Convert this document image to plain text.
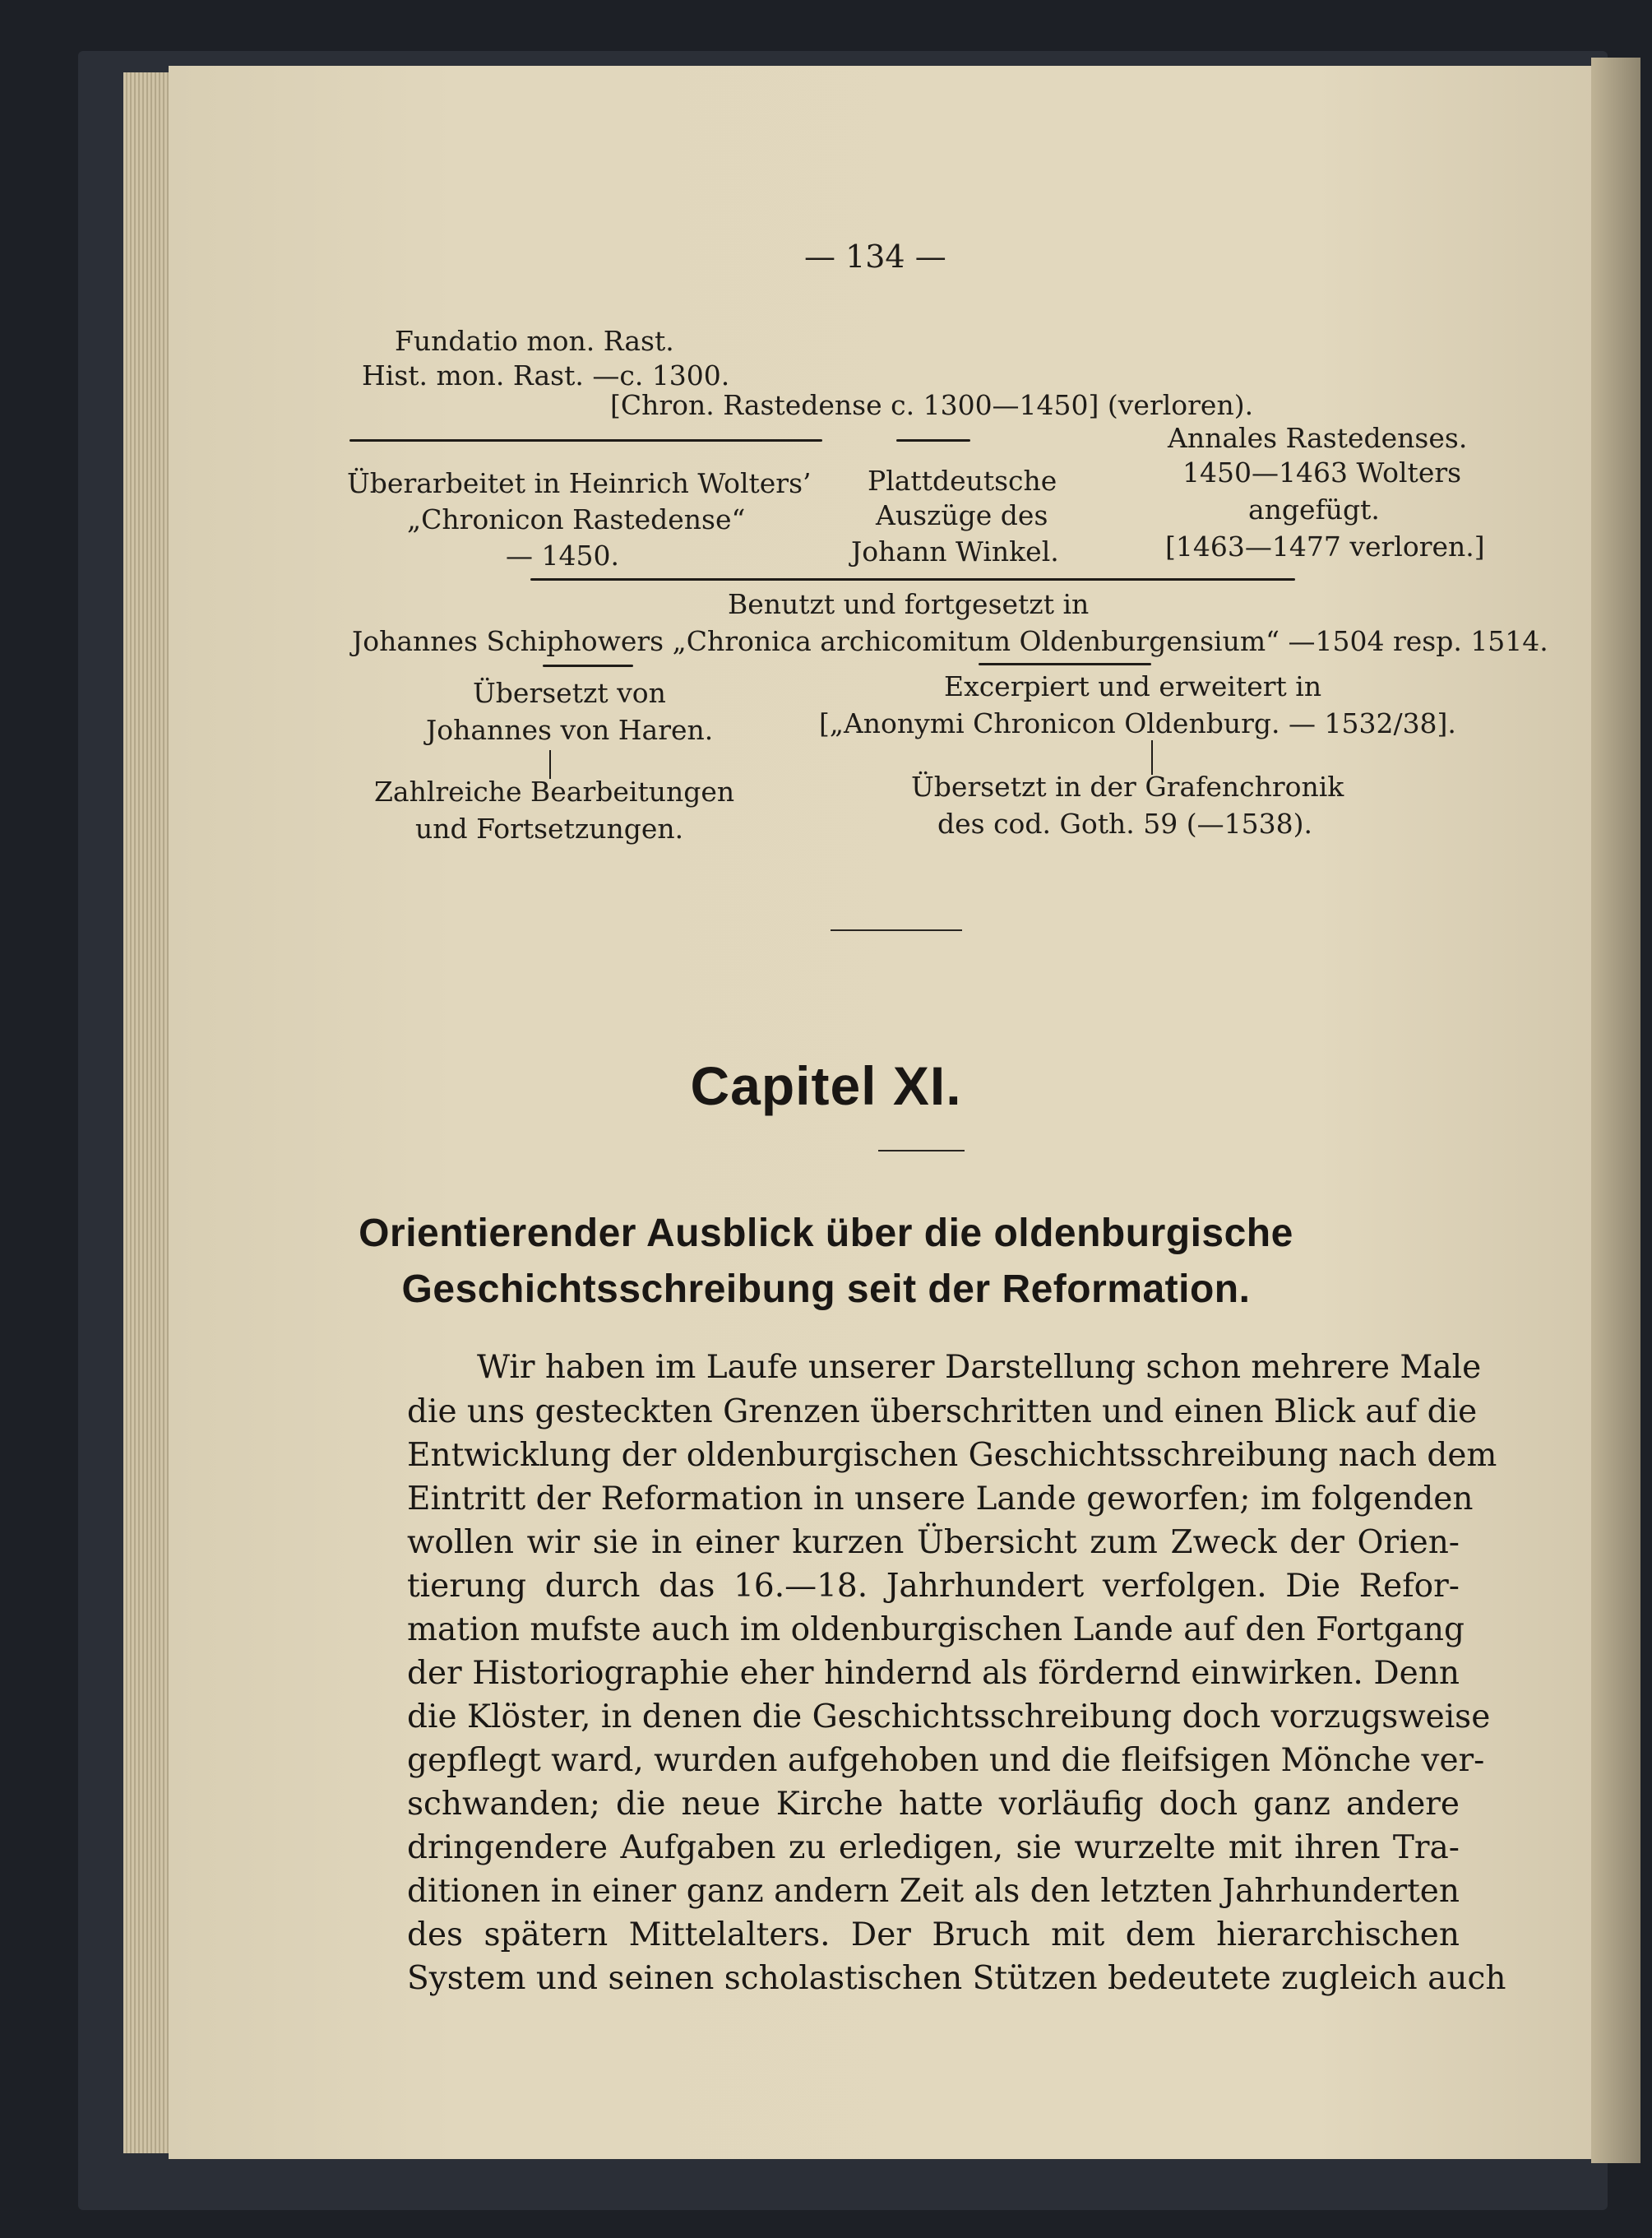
— 134 —
Fundatio mon. Rast.
Hist. mon. Rast. —c. 1300.
[Chron. Rastedense c. 1300—1450] (verloren).
Annales Rastedenses.
1450—1463 Wolters
angefügt.
[1463—1477 verloren.]
Überarbeitet in Heinrich Wolters’
„Chronicon Rastedense“
— 1450.
Plattdeutsche
Auszüge des
Johann Winkel.
Benutzt und fortgesetzt in
Johannes Schiphowers „Chronica archicomitum Oldenburgensium“ —1504 resp. 1514.
Übersetzt von
Johannes von Haren.
Zahlreiche Bearbeitungen
und Fortsetzungen.
Excerpiert und erweitert in
[„Anonymi Chronicon Oldenburg. — 1532/38].
Übersetzt in der Grafenchronik
des cod. Goth. 59 (—1538).
Capitel XI.
Orientierender Ausblick über die oldenburgische
Geschichtsschreibung seit der Reformation.
Wir haben im Laufe unserer Darstellung schon mehrere Male
die uns gesteckten Grenzen überschritten und einen Blick auf die
Entwicklung der oldenburgischen Geschichtsschreibung nach dem
Eintritt der Reformation in unsere Lande geworfen; im folgenden
wollen wir sie in einer kurzen Übersicht zum Zweck der Orien-
tierung durch das 16.—18. Jahrhundert verfolgen. Die Refor-
mation mufste auch im oldenburgischen Lande auf den Fortgang
der Historiographie eher hindernd als fördernd einwirken. Denn
die Klöster, in denen die Geschichtsschreibung doch vorzugsweise
gepflegt ward, wurden aufgehoben und die fleifsigen Mönche ver-
schwanden; die neue Kirche hatte vorläufig doch ganz andere
dringendere Aufgaben zu erledigen, sie wurzelte mit ihren Tra-
ditionen in einer ganz andern Zeit als den letzten Jahrhunderten
des spätern Mittelalters. Der Bruch mit dem hierarchischen
System und seinen scholastischen Stützen bedeutete zugleich auch
